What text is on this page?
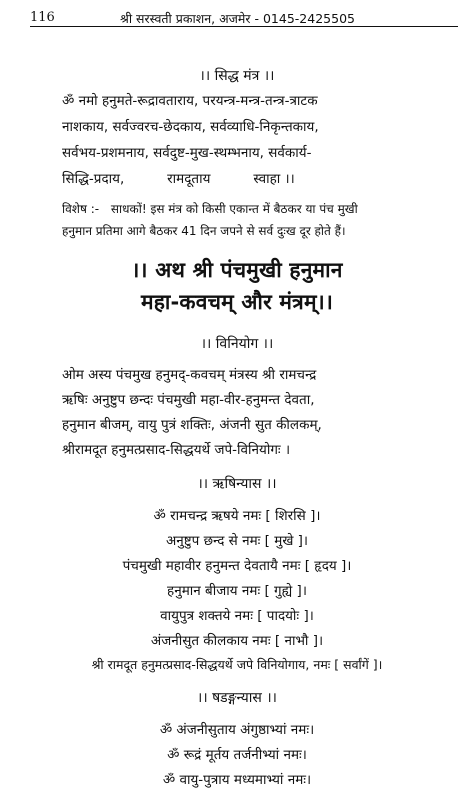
116	श्री सरस्वती प्रकाशन, अजमेर - 0145-2425505
।। सिद्ध मंत्र ।।
ॐ नमो हनुमते-रूद्रावताराय, परयन्त्र-मन्त्र-तन्त्र-त्राटक
नाशकाय, सर्वज्वरच-छेदकाय, सर्वव्याधि-निकृन्तकाय,
सर्वभय-प्रशमनाय, सर्वदुष्ट-मुख-स्थम्भनाय, सर्वकार्य-
सिद्धि-प्रदाय,          रामदूताय          स्वाहा ।।
विशेष :- साधकों! इस मंत्र को किसी एकान्त में बैठकर या पंच मुखी
हनुमान प्रतिमा आगे बैठकर 41 दिन जपने से सर्व दुःख दूर होते हैं।
।। अथ श्री पंचमुखी हनुमान
महा-कवचम् और मंत्रम्।।
।। विनियोग ।।
ओम अस्य पंचमुख हनुमद्-कवचम् मंत्रस्य श्री रामचन्द्र
ऋषिः अनुष्टुप छन्दः पंचमुखी महा-वीर-हनुमन्त देवता,
हनुमान बीजम्, वायु पुत्रं शक्तिः, अंजनी सुत कीलकम्,
श्रीरामदूत हनुमत्प्रसाद-सिद्धयर्थे जपे-विनियोगः ।
।। ऋषिन्यास ।।
ॐ रामचन्द्र ऋषये नमः [ शिरसि ]।
अनुष्टुप छन्द से नमः [ मुखे ]।
पंचमुखी महावीर हनुमन्त देवतायै नमः [ हृदय ]।
हनुमान बीजाय नमः [ गुह्ये ]।
वायुपुत्र शक्तये नमः [ पादयोः ]।
अंजनीसुत कीलकाय नमः [ नाभौ ]।
श्री रामदूत हनुमत्प्रसाद-सिद्धयर्थे जपे विनियोगाय, नमः [ सर्वांगें ]।
।। षडङ्गन्यास ।।
ॐ अंजनीसुताय अंगुष्ठाभ्यां नमः।
ॐ रूद्रं मूर्तय तर्जनीभ्यां नमः।
ॐ वायु-पुत्राय मध्यमाभ्यां नमः।
